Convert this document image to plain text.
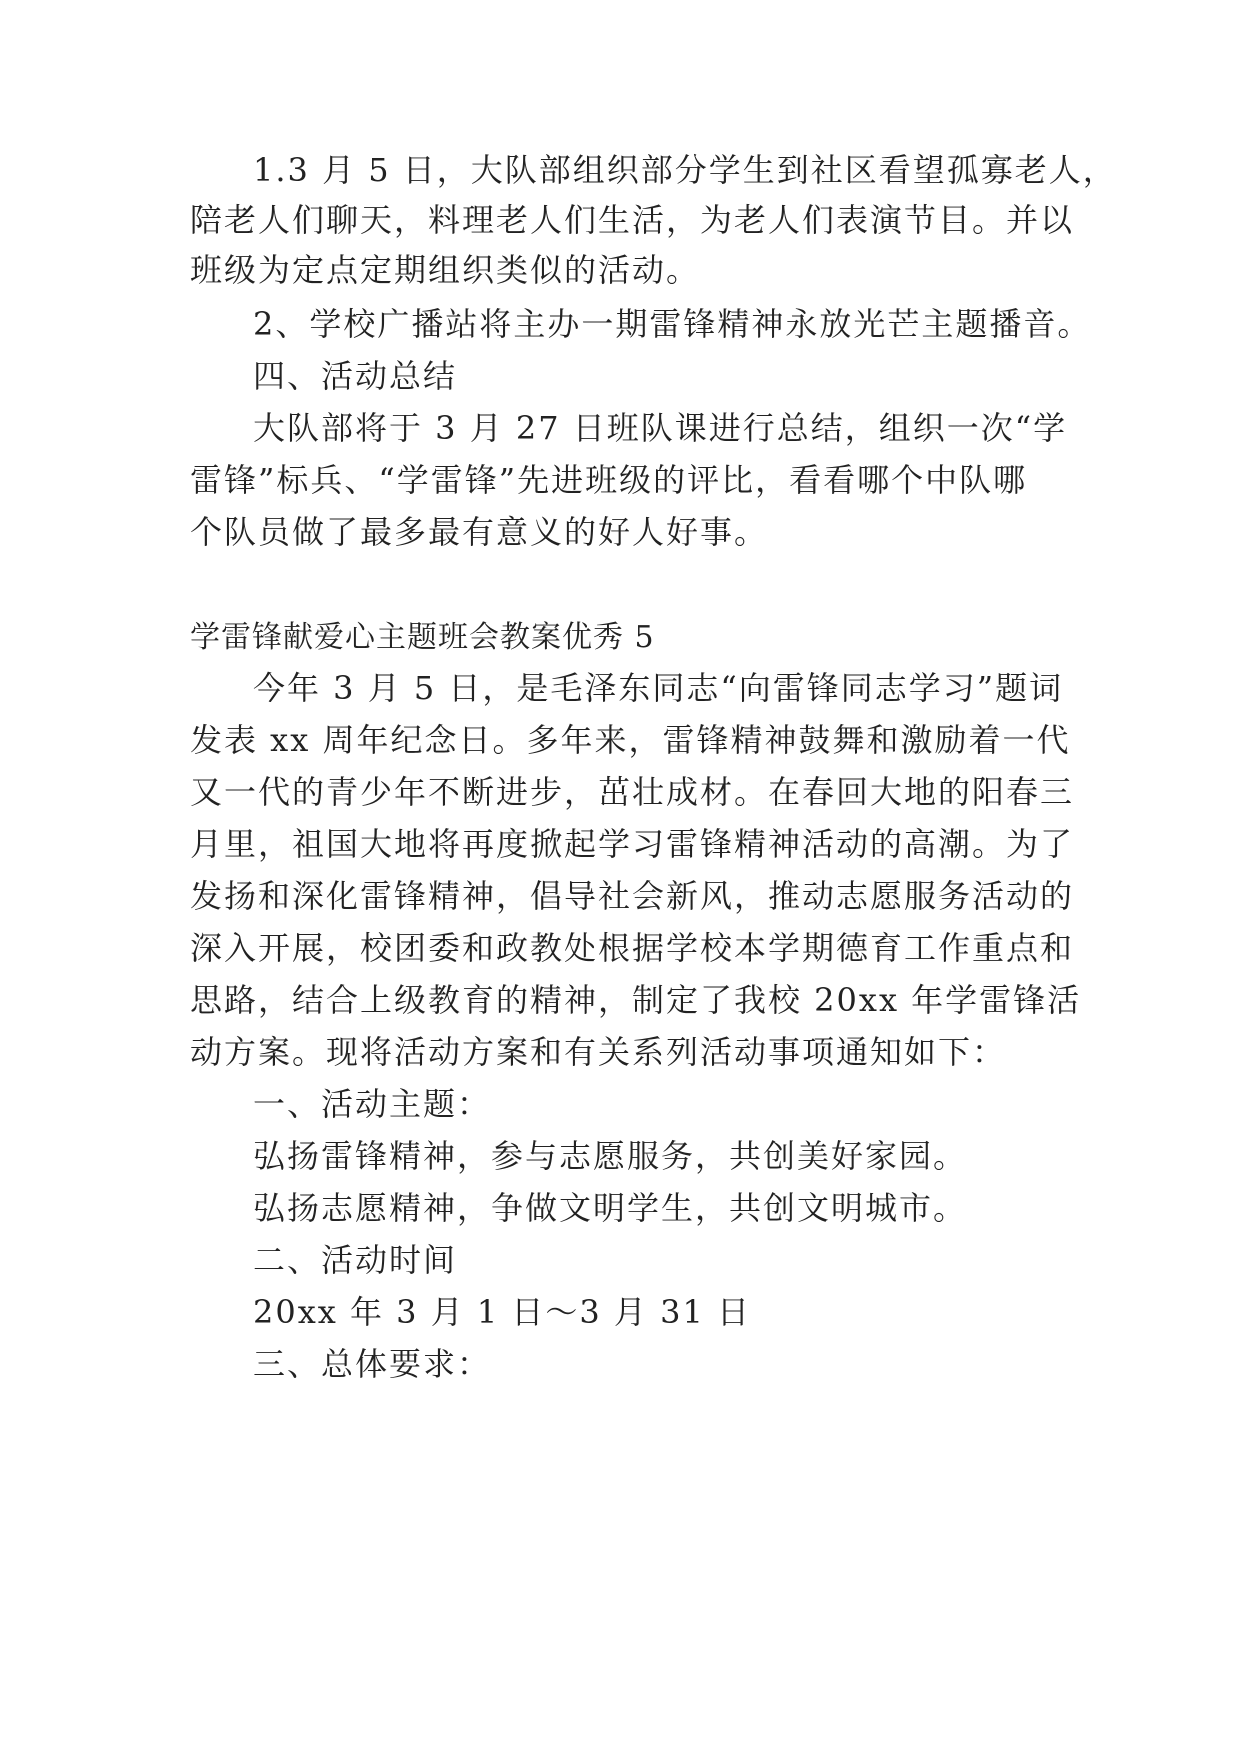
1.3 月 5 日，大队部组织部分学生到社区看望孤寡老人，
陪老人们聊天，料理老人们生活，为老人们表演节目。并以
班级为定点定期组织类似的活动。
2、学校广播站将主办一期雷锋精神永放光芒主题播音。
四、活动总结
大队部将于 3 月 27 日班队课进行总结，组织一次“学
雷锋”标兵、“学雷锋”先进班级的评比，看看哪个中队哪
个队员做了最多最有意义的好人好事。
学雷锋献爱心主题班会教案优秀 5
今年 3 月 5 日，是毛泽东同志“向雷锋同志学习”题词
发表 xx 周年纪念日。多年来，雷锋精神鼓舞和激励着一代
又一代的青少年不断进步，茁壮成材。在春回大地的阳春三
月里，祖国大地将再度掀起学习雷锋精神活动的高潮。为了
发扬和深化雷锋精神，倡导社会新风，推动志愿服务活动的
深入开展，校团委和政教处根据学校本学期德育工作重点和
思路，结合上级教育的精神，制定了我校 20xx 年学雷锋活
动方案。现将活动方案和有关系列活动事项通知如下：
一、活动主题：
弘扬雷锋精神，参与志愿服务，共创美好家园。
弘扬志愿精神，争做文明学生，共创文明城市。
二、活动时间
20xx 年 3 月 1 日～3 月 31 日
三、总体要求：
